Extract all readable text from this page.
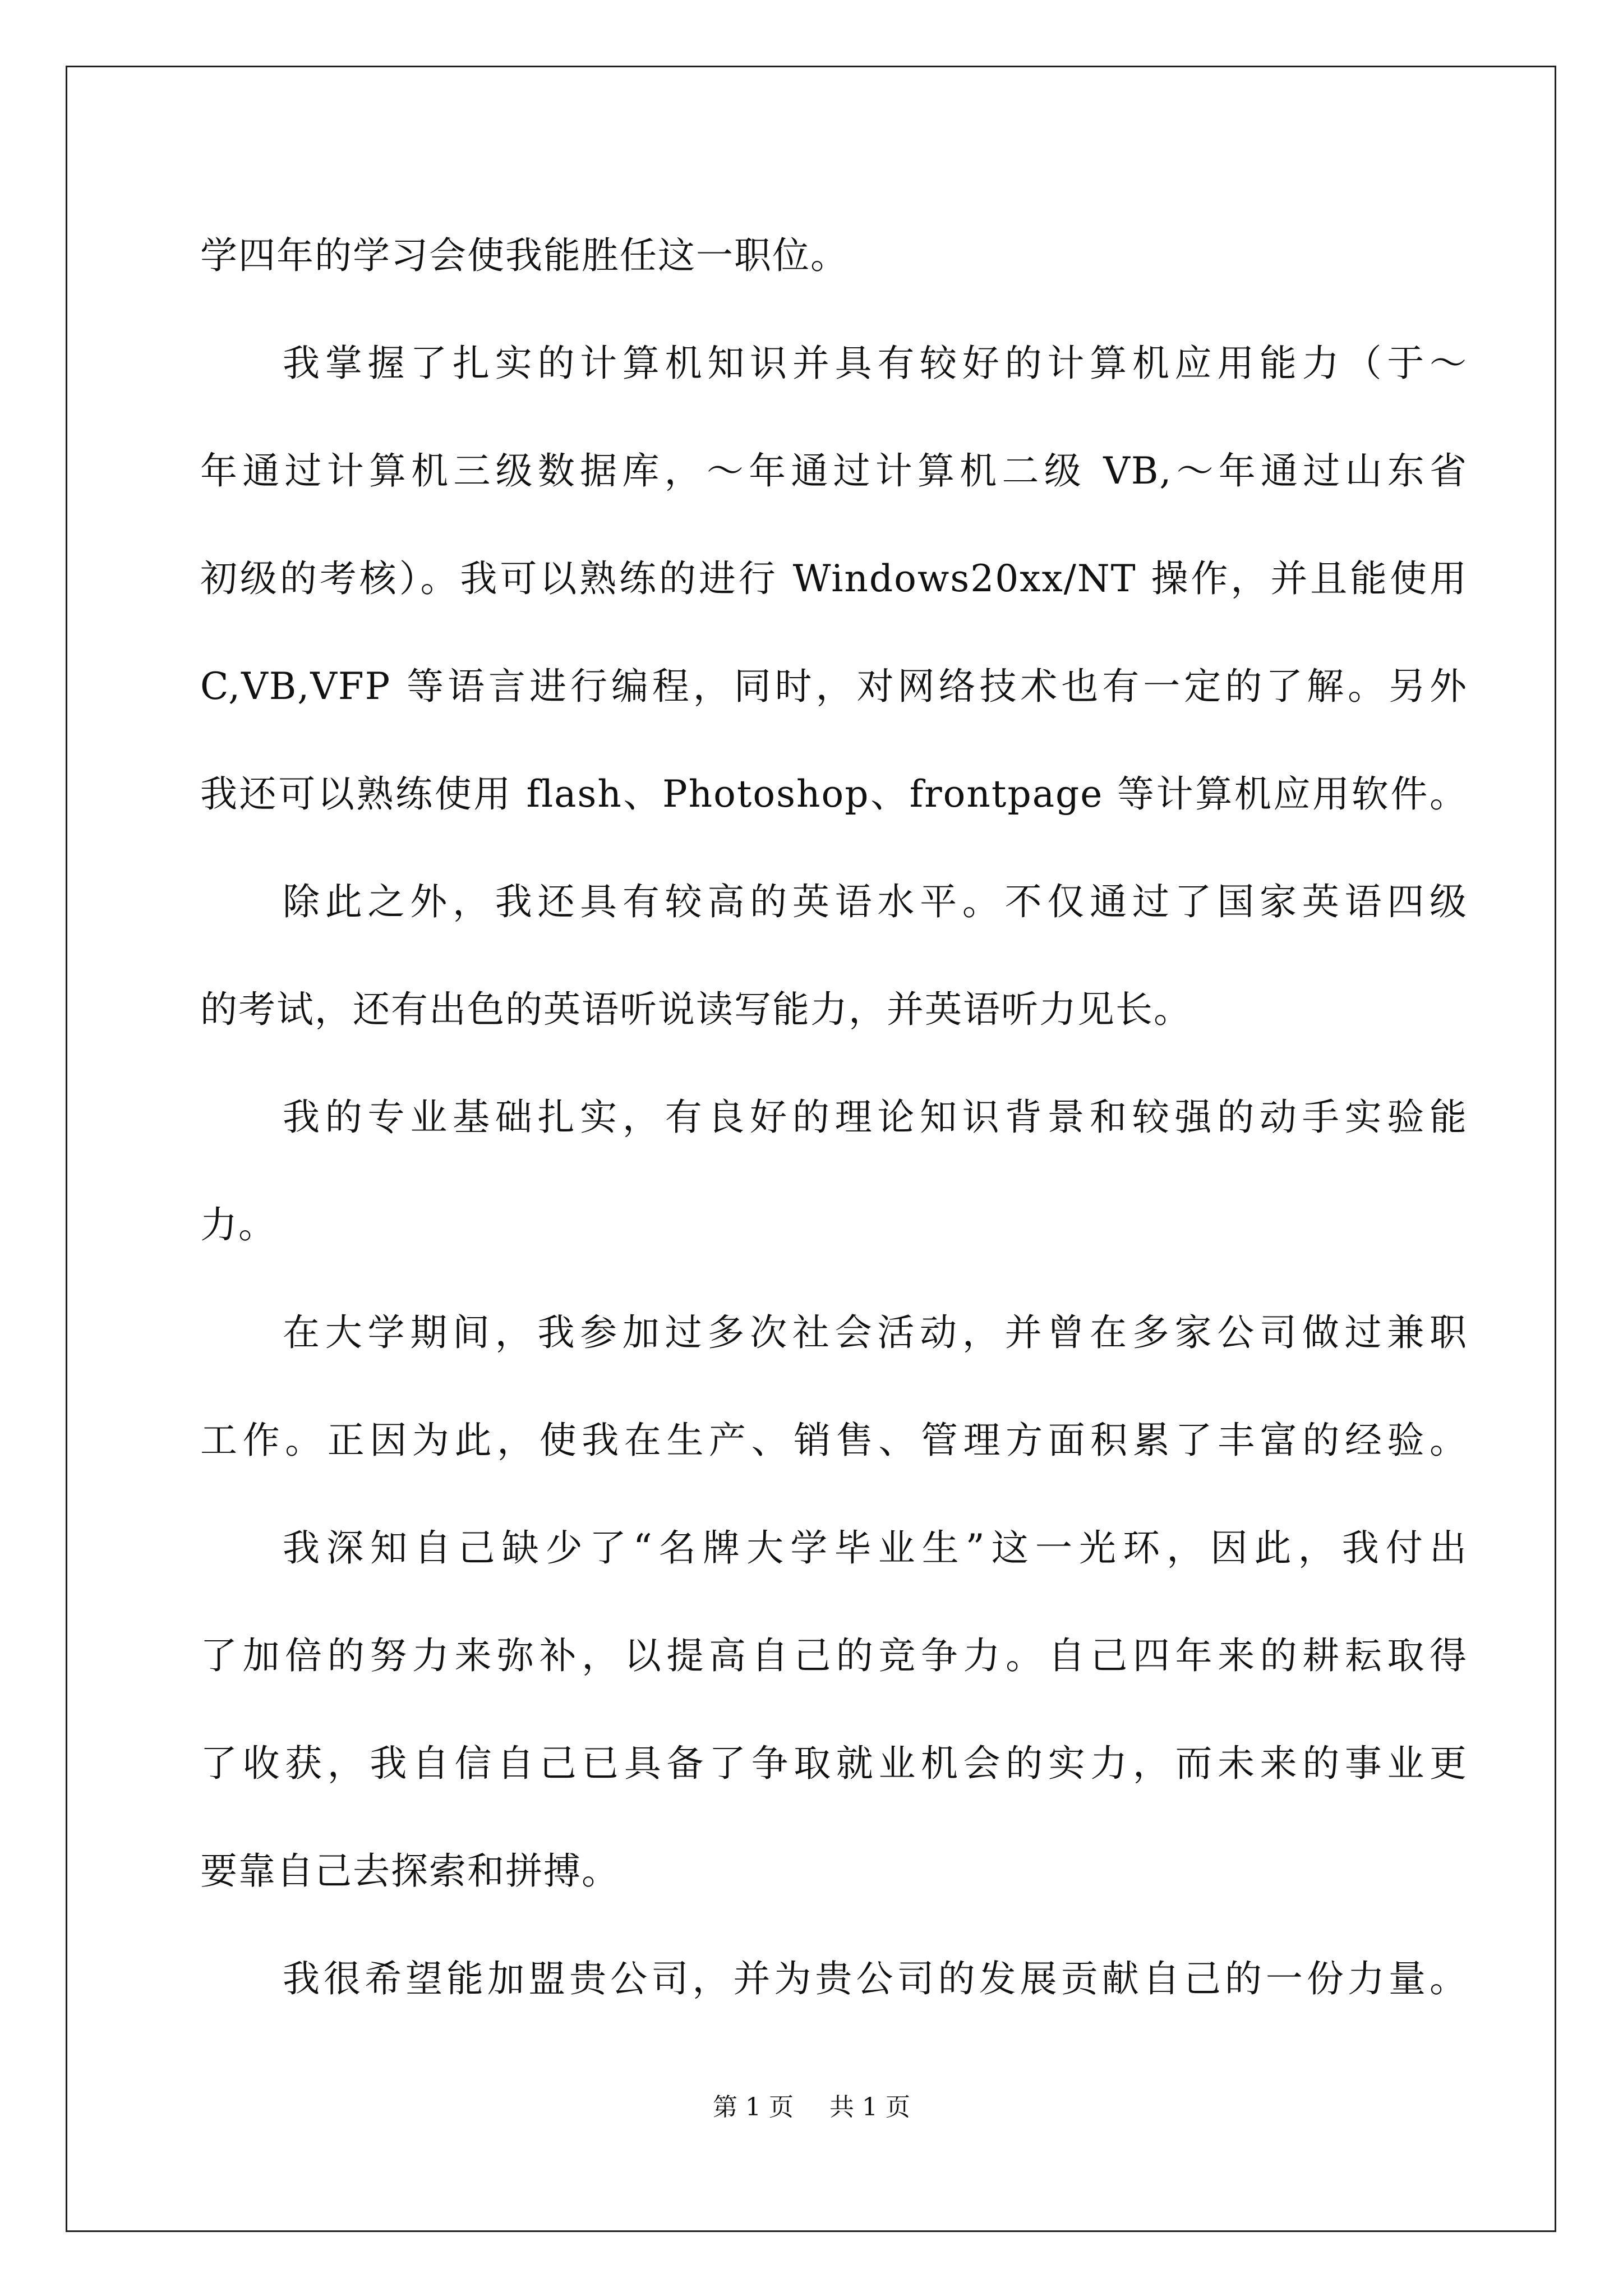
学四年的学习会使我能胜任这一职位。
我掌握了扎实的计算机知识并具有较好的计算机应用能力（于～
年通过计算机三级数据库，～年通过计算机二级 VB,～年通过山东省
初级的考核）。我可以熟练的进行 Windows20xx/NT 操作，并且能使用
C,VB,VFP 等语言进行编程，同时，对网络技术也有一定的了解。另外
我还可以熟练使用 flash、Photoshop、frontpage 等计算机应用软件。
除此之外，我还具有较高的英语水平。不仅通过了国家英语四级
的考试，还有出色的英语听说读写能力，并英语听力见长。
我的专业基础扎实，有良好的理论知识背景和较强的动手实验能
力。
在大学期间，我参加过多次社会活动，并曾在多家公司做过兼职
工作。正因为此，使我在生产、销售、管理方面积累了丰富的经验。
我深知自己缺少了“名牌大学毕业生”这一光环，因此，我付出
了加倍的努力来弥补，以提高自己的竞争力。自己四年来的耕耘取得
了收获，我自信自己已具备了争取就业机会的实力，而未来的事业更
要靠自己去探索和拼搏。
我很希望能加盟贵公司，并为贵公司的发展贡献自己的一份力量。
第 1 页 共 1 页
